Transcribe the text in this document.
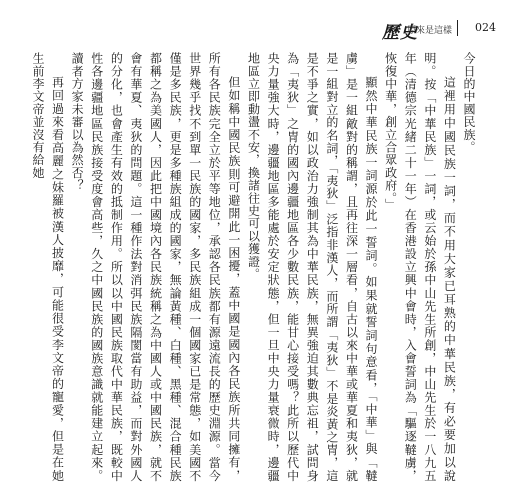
歷史
原來是這樣 024

今日的中國民族。

這裡用中國民族一詞，而不用大家已耳熟的中華民族，有必要加以說明。按「中華民族」一詞，或云始於孫中山先生所創，中山先生於一八九五年（清德宗光緒二十一年）在香港設立興中會時，入會誓詞為「驅逐韃虜，恢復中華，創立合眾政府。」

顯然中華民族一詞源於此一誓詞。如果就誓詞句意看，「中華」與「韃虜」是一組敵對的稱謂，且再往深一層看，自古以來中華或華夏和夷狄，就是一組對立的名詞，「夷狄」泛指非漢人，而所謂「夷狄」不是炎黃之冑，這是不爭之實，如以政治力強制其為中華民族，無異強迫其數典忘祖，試問身為「夷狄」之冑的國內邊疆地區各少數民族，能甘心接受嗎？此所以歷代中央力量強大時，邊疆地區多能處於安定狀態，但一旦中央力量衰微時，邊疆地區立即動盪不安，換諸往史可以獲證。

但如稱中國民族則可避開此一困擾，蓋中國是國內各民族所共同擁有，所有各民族完全立於平等地位，承認各民族都有源遠流長的歷史淵源。當今世界幾乎找不到單一民族的國家，多民族組成一個國家已是常態，如美國不僅是多民族，更是多種族組成的國家，無論黃種、白種、黑種、混合種民族都稱之為美國人，因此把中國境內各民族統稱之為中國人或中國民族，就不會有華夏、夷狄的問題。這一種作法對消弭民族隔閡當有助益，而對外國人的分化，也會產生有效的抵制作用。所以以中國民族取代中華民族，既較中性各邊疆地區民族接受度會高些，久之中國民族的國族意識就能建立起來。讀者方家未審以為然否？

再回過來看高麗之妹羅被漢人披靡，可能很受李文帝的寵愛，但是在她生前李文帝並沒有給她
